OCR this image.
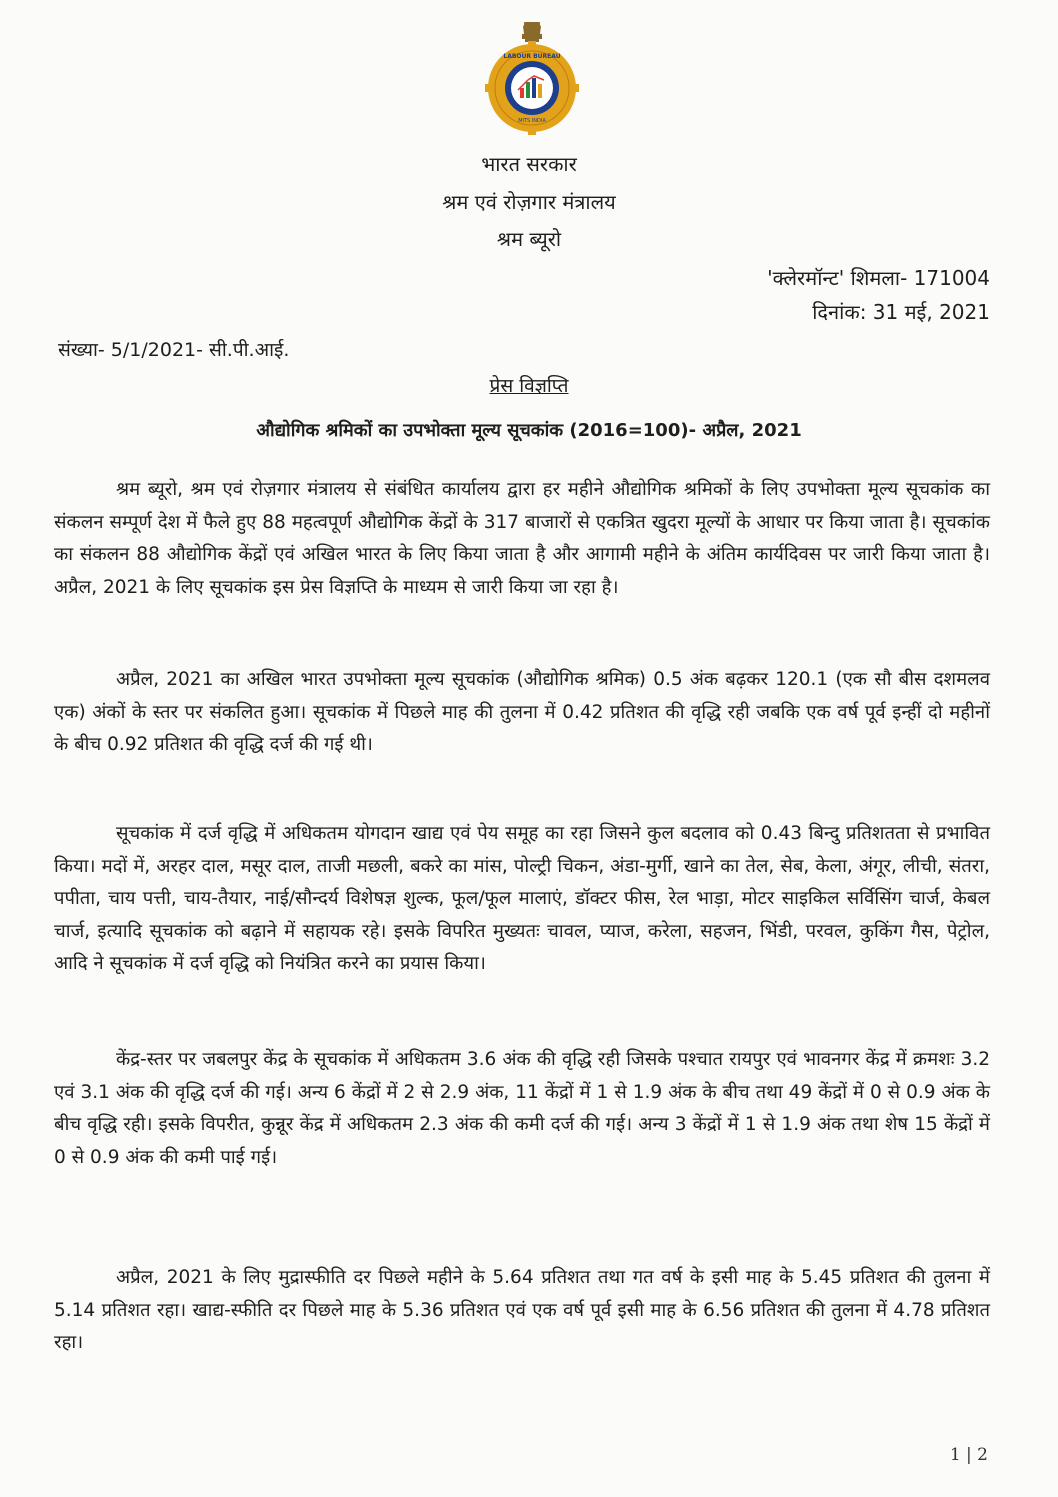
LABOUR BUREAU
MITS INDIA
भारत सरकार
श्रम एवं रोज़गार मंत्रालय
श्रम ब्यूरो
'क्लेरमॉन्ट' शिमला- 171004
दिनांक: 31 मई, 2021
संख्या- 5/1/2021- सी.पी.आई.
प्रेस विज्ञप्ति
औद्योगिक श्रमिकों का उपभोक्ता मूल्य सूचकांक (2016=100)- अप्रैल, 2021

श्रम ब्यूरो, श्रम एवं रोज़गार मंत्रालय से संबंधित कार्यालय द्वारा हर महीने औद्योगिक श्रमिकों के लिए उपभोक्ता मूल्य सूचकांक का संकलन सम्पूर्ण देश में फैले हुए 88 महत्वपूर्ण औद्योगिक केंद्रों के 317 बाजारों से एकत्रित खुदरा मूल्यों के आधार पर किया जाता है। सूचकांक का संकलन 88 औद्योगिक केंद्रों एवं अखिल भारत के लिए किया जाता है और आगामी महीने के अंतिम कार्यदिवस पर जारी किया जाता है। अप्रैल, 2021 के लिए सूचकांक इस प्रेस विज्ञप्ति के माध्यम से जारी किया जा रहा है।

अप्रैल, 2021 का अखिल भारत उपभोक्ता मूल्य सूचकांक (औद्योगिक श्रमिक) 0.5 अंक बढ़कर 120.1 (एक सौ बीस दशमलव एक) अंकों के स्तर पर संकलित हुआ। सूचकांक में पिछले माह की तुलना में 0.42 प्रतिशत की वृद्धि रही जबकि एक वर्ष पूर्व इन्हीं दो महीनों के बीच 0.92 प्रतिशत की वृद्धि दर्ज की गई थी।

सूचकांक में दर्ज वृद्धि में अधिकतम योगदान खाद्य एवं पेय समूह का रहा जिसने कुल बदलाव को 0.43 बिन्दु प्रतिशतता से प्रभावित किया। मदों में, अरहर दाल, मसूर दाल, ताजी मछली, बकरे का मांस, पोल्ट्री चिकन, अंडा-मुर्गी, खाने का तेल, सेब, केला, अंगूर, लीची, संतरा, पपीता, चाय पत्ती, चाय-तैयार, नाई/सौन्दर्य विशेषज्ञ शुल्क, फूल/फूल मालाएं, डॉक्टर फीस, रेल भाड़ा, मोटर साइकिल सर्विसिंग चार्ज, केबल चार्ज, इत्यादि सूचकांक को बढ़ाने में सहायक रहे। इसके विपरित मुख्यतः चावल, प्याज, करेला, सहजन, भिंडी, परवल, कुकिंग गैस, पेट्रोल, आदि ने सूचकांक में दर्ज वृद्धि को नियंत्रित करने का प्रयास किया।

केंद्र-स्तर पर जबलपुर केंद्र के सूचकांक में अधिकतम 3.6 अंक की वृद्धि रही जिसके पश्चात रायपुर एवं भावनगर केंद्र में क्रमशः 3.2 एवं 3.1 अंक की वृद्धि दर्ज की गई। अन्य 6 केंद्रों में 2 से 2.9 अंक, 11 केंद्रों में 1 से 1.9 अंक के बीच तथा 49 केंद्रों में 0 से 0.9 अंक के बीच वृद्धि रही। इसके विपरीत, कुन्नूर केंद्र में अधिकतम 2.3 अंक की कमी दर्ज की गई। अन्य 3 केंद्रों में 1 से 1.9 अंक तथा शेष 15 केंद्रों में 0 से 0.9 अंक की कमी पाई गई।

अप्रैल, 2021 के लिए मुद्रास्फीति दर पिछले महीने के 5.64 प्रतिशत तथा गत वर्ष के इसी माह के 5.45 प्रतिशत की तुलना में 5.14 प्रतिशत रहा। खाद्य-स्फीति दर पिछले माह के 5.36 प्रतिशत एवं एक वर्ष पूर्व इसी माह के 6.56 प्रतिशत की तुलना में 4.78 प्रतिशत रहा।

1 | 2
